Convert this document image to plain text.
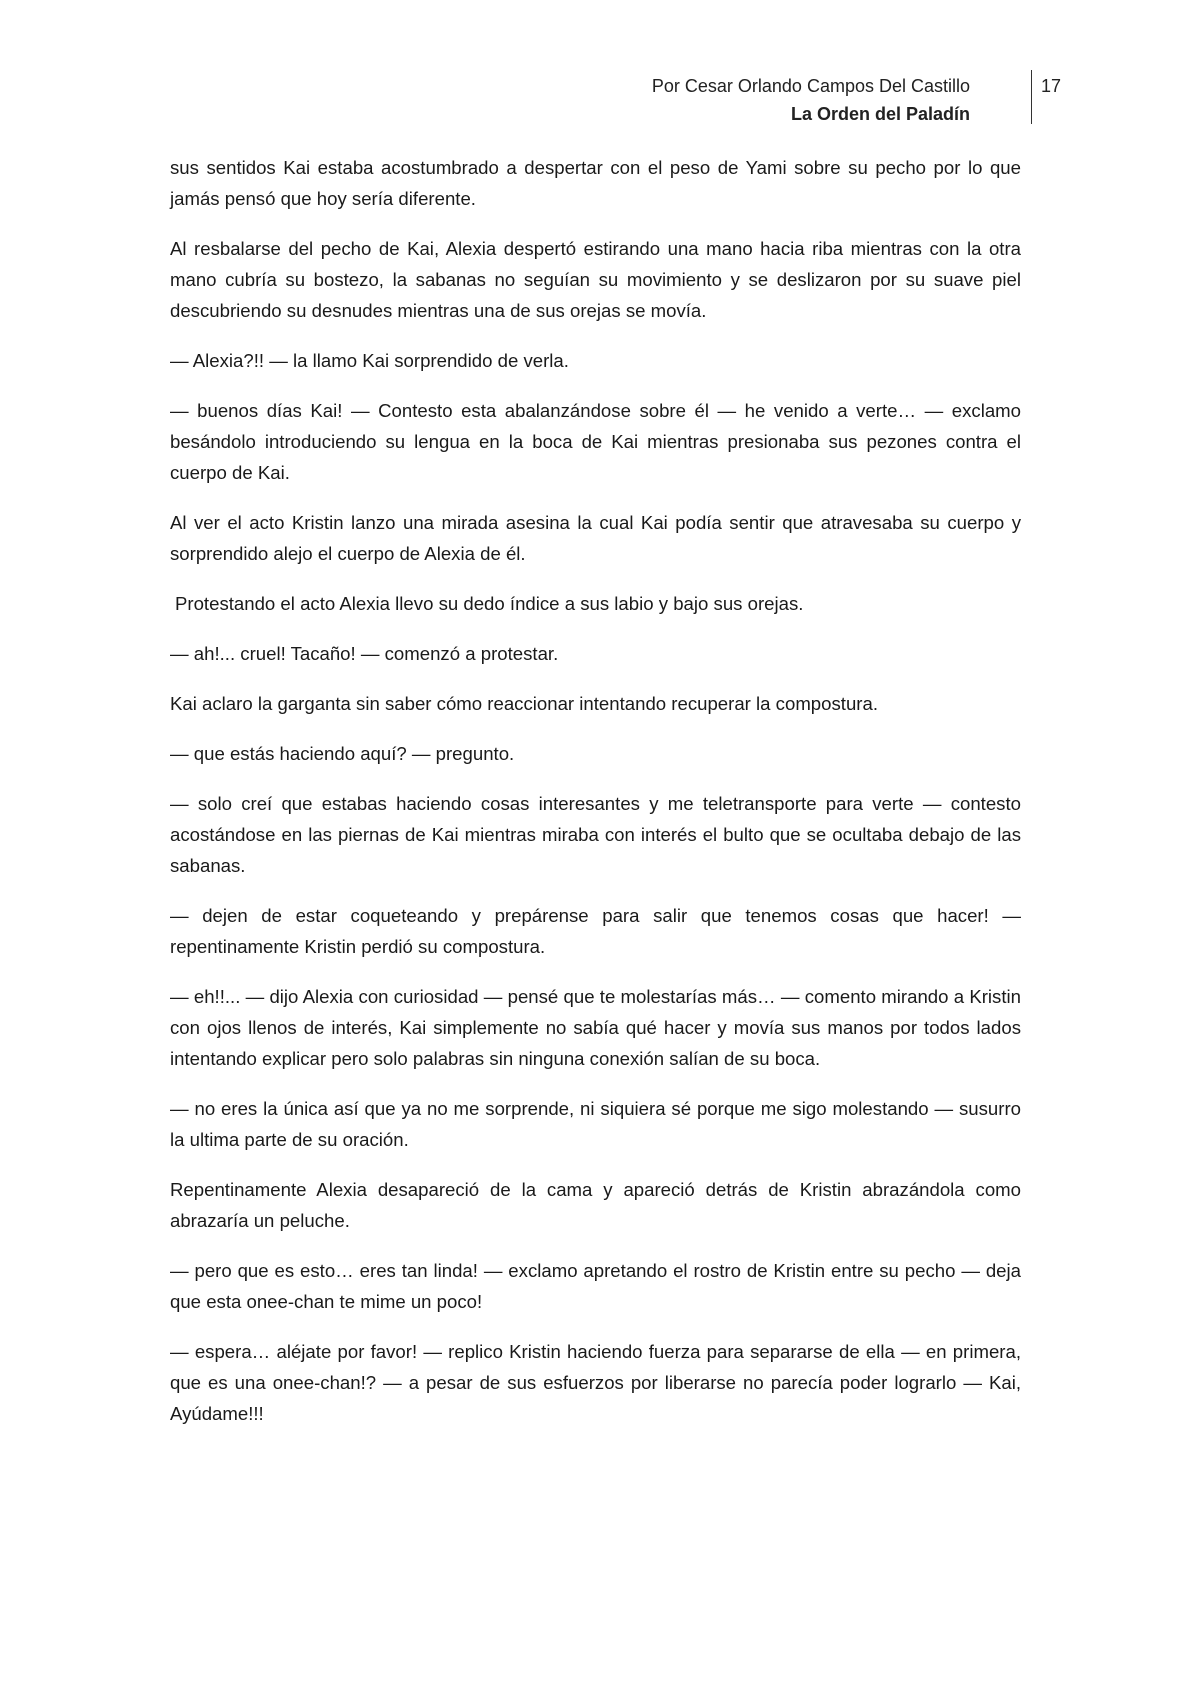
Por Cesar Orlando Campos Del Castillo
La Orden del Paladín
17

sus sentidos Kai estaba acostumbrado a despertar con el peso de Yami sobre su pecho por lo que jamás pensó que hoy sería diferente.

Al resbalarse del pecho de Kai, Alexia despertó estirando una mano hacia riba mientras con la otra mano cubría su bostezo, la sabanas no seguían su movimiento y se deslizaron por su suave piel descubriendo su desnudes mientras una de sus orejas se movía.

— Alexia?!! — la llamo Kai sorprendido de verla.

— buenos días Kai! — Contesto esta abalanzándose sobre él — he venido a verte… — exclamo besándolo introduciendo su lengua en la boca de Kai mientras presionaba sus pezones contra el cuerpo de Kai.

Al ver el acto Kristin lanzo una mirada asesina la cual Kai podía sentir que atravesaba su cuerpo y sorprendido alejo el cuerpo de Alexia de él.

Protestando el acto Alexia llevo su dedo índice a sus labio y bajo sus orejas.

— ah!... cruel! Tacaño! — comenzó a protestar.

Kai aclaro la garganta sin saber cómo reaccionar intentando recuperar la compostura.

— que estás haciendo aquí? — pregunto.

— solo creí que estabas haciendo cosas interesantes y me teletransporte para verte — contesto acostándose en las piernas de Kai mientras miraba con interés el bulto que se ocultaba debajo de las sabanas.

— dejen de estar coqueteando y prepárense para salir que tenemos cosas que hacer! — repentinamente Kristin perdió su compostura.

— eh!!... — dijo Alexia con curiosidad — pensé que te molestarías más… — comento mirando a Kristin con ojos llenos de interés, Kai simplemente no sabía qué hacer y movía sus manos por todos lados intentando explicar pero solo palabras sin ninguna conexión salían de su boca.

— no eres la única así que ya no me sorprende, ni siquiera sé porque me sigo molestando — susurro la ultima parte de su oración.

Repentinamente Alexia desapareció de la cama y apareció detrás de Kristin abrazándola como abrazaría un peluche.

— pero que es esto… eres tan linda! — exclamo apretando el rostro de Kristin entre su pecho — deja que esta onee-chan te mime un poco!

— espera… aléjate por favor! — replico Kristin haciendo fuerza para separarse de ella — en primera, que es una onee-chan!? — a pesar de sus esfuerzos por liberarse no parecía poder lograrlo — Kai, Ayúdame!!!
